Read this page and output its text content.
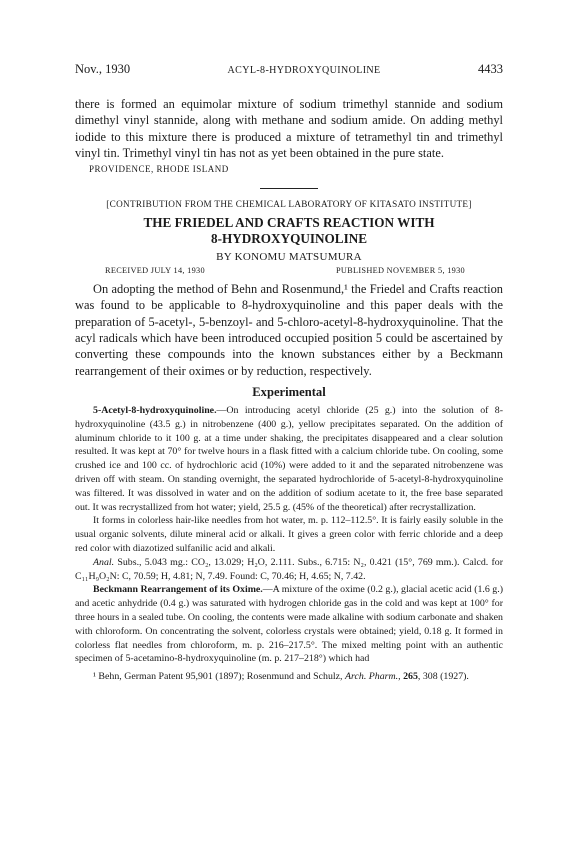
Nov., 1930	ACYL-8-HYDROXYQUINOLINE	4433

there is formed an equimolar mixture of sodium trimethyl stannide and sodium dimethyl vinyl stannide, along with methane and sodium amide. On adding methyl iodide to this mixture there is produced a mixture of tetramethyl tin and trimethyl vinyl tin. Trimethyl vinyl tin has not as yet been obtained in the pure state.

PROVIDENCE, RHODE ISLAND
[CONTRIBUTION FROM THE CHEMICAL LABORATORY OF KITASATO INSTITUTE]
THE FRIEDEL AND CRAFTS REACTION WITH
8-HYDROXYQUINOLINE
BY KONOMU MATSUMURA
RECEIVED JULY 14, 1930	PUBLISHED NOVEMBER 5, 1930

On adopting the method of Behn and Rosenmund,¹ the Friedel and Crafts reaction was found to be applicable to 8-hydroxyquinoline and this paper deals with the preparation of 5-acetyl-, 5-benzoyl- and 5-chloro-acetyl-8-hydroxyquinoline. That the acyl radicals which have been introduced occupied position 5 could be ascertained by converting these compounds into the known substances either by a Beckmann rearrangement of their oximes or by reduction, respectively.

Experimental

5-Acetyl-8-hydroxyquinoline.—On introducing acetyl chloride (25 g.) into the solution of 8-hydroxyquinoline (43.5 g.) in nitrobenzene (400 g.), yellow precipitates separated. On the addition of aluminum chloride to it 100 g. at a time under shaking, the precipitates disappeared and a clear solution resulted. It was kept at 70° for twelve hours in a flask fitted with a calcium chloride tube. On cooling, some crushed ice and 100 cc. of hydrochloric acid (10%) were added to it and the separated nitrobenzene was driven off with steam. On standing overnight, the separated hydrochloride of 5-acetyl-8-hydroxyquinoline was filtered. It was dissolved in water and on the addition of sodium acetate to it, the free base separated out. It was recrystallized from hot water; yield, 25.5 g. (45% of the theoretical) after recrystallization.

It forms in colorless hair-like needles from hot water, m. p. 112–112.5°. It is fairly easily soluble in the usual organic solvents, dilute mineral acid or alkali. It gives a green color with ferric chloride and a deep red color with diazotized sulfanilic acid and alkali.

Anal. Subs., 5.043 mg.: CO₂, 13.029; H₂O, 2.111. Subs., 6.715: N₂, 0.421 (15°, 769 mm.). Calcd. for C₁₁H₉O₂N: C, 70.59; H, 4.81; N, 7.49. Found: C, 70.46; H, 4.65; N, 7.42.

Beckmann Rearrangement of its Oxime.—A mixture of the oxime (0.2 g.), glacial acetic acid (1.6 g.) and acetic anhydride (0.4 g.) was saturated with hydrogen chloride gas in the cold and was kept at 100° for three hours in a sealed tube. On cooling, the contents were made alkaline with sodium carbonate and shaken with chloroform. On concentrating the solvent, colorless crystals were obtained; yield, 0.18 g. It formed in colorless flat needles from chloroform, m. p. 216–217.5°. The mixed melting point with an authentic specimen of 5-acetamino-8-hydroxyquinoline (m. p. 217–218°) which had

¹ Behn, German Patent 95,901 (1897); Rosenmund and Schulz, Arch. Pharm., 265, 308 (1927).
